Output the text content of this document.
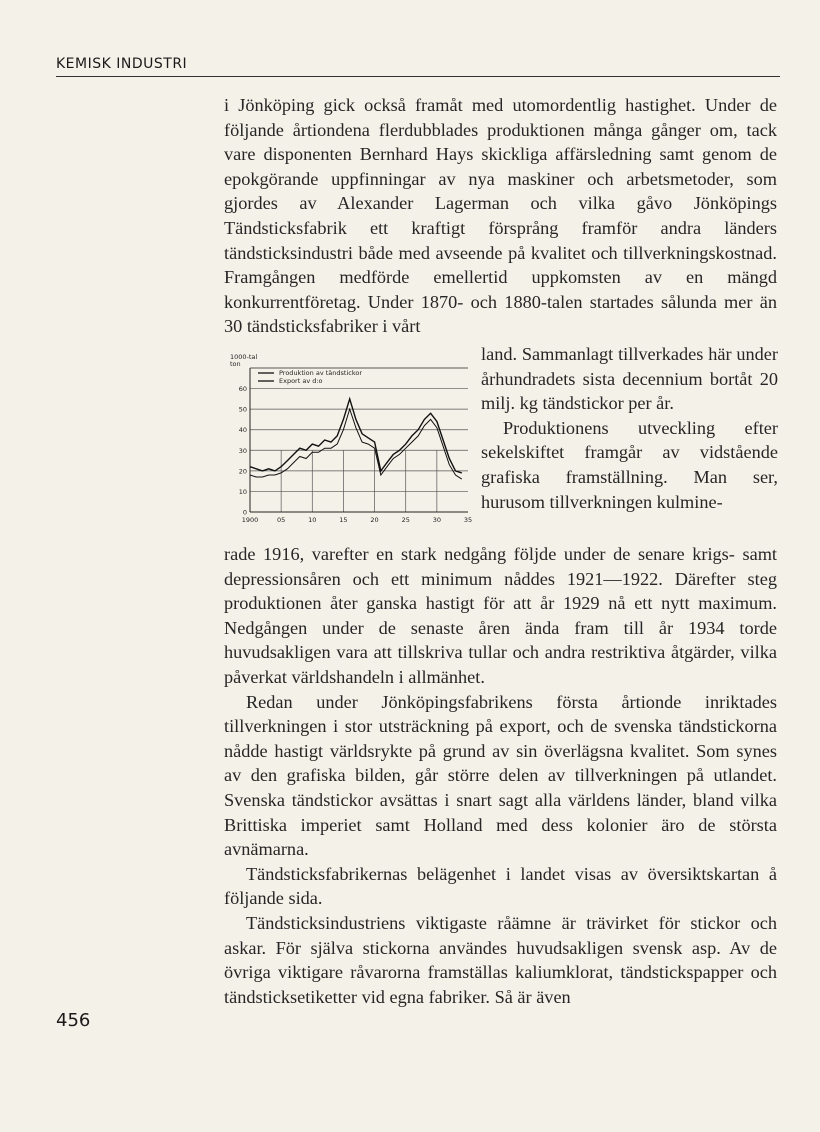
KEMISK INDUSTRI

i Jönköping gick också framåt med utomordentlig hastighet. Under de följande årtiondena flerdubblades produktionen många gånger om, tack vare disponenten Bernhard Hays skickliga affärsledning samt genom de epokgörande uppfinningar av nya maskiner och arbetsmetoder, som gjordes av Alexander Lagerman och vilka gåvo Jönköpings Tändsticksfabrik ett kraftigt försprång framför andra länders tändsticksindustri både med avseende på kvalitet och tillverkningskostnad. Framgången medförde emellertid uppkomsten av en mängd konkurrentföretag. Under 1870- och 1880-talen startades sålunda mer än 30 tändsticksfabriker i vårt

1000-tal ton
0
10
20
30
40
50
60
1900	05	10	15	20	25	30	35
Produktion av tändstickor
Export av d:o

land. Sammanlagt tillverkades här under århundradets sista decennium bortåt 20 milj. kg tändstickor per år.

Produktionens utveckling efter sekelskiftet framgår av vidstående grafiska framställning. Man ser, hurusom tillverkningen kulmine-

rade 1916, varefter en stark nedgång följde under de senare krigs- samt depressionsåren och ett minimum nåddes 1921—1922. Därefter steg produktionen åter ganska hastigt för att år 1929 nå ett nytt maximum. Nedgången under de senaste åren ända fram till år 1934 torde huvudsakligen vara att tillskriva tullar och andra restriktiva åtgärder, vilka påverkat världshandeln i allmänhet.

Redan under Jönköpingsfabrikens första årtionde inriktades tillverkningen i stor utsträckning på export, och de svenska tändstickorna nådde hastigt världsrykte på grund av sin överlägsna kvalitet. Som synes av den grafiska bilden, går större delen av tillverkningen på utlandet. Svenska tändstickor avsättas i snart sagt alla världens länder, bland vilka Brittiska imperiet samt Holland med dess kolonier äro de största avnämarna.

Tändsticksfabrikernas belägenhet i landet visas av översiktskartan å följande sida.

Tändsticksindustriens viktigaste råämne är trävirket för stickor och askar. För själva stickorna användes huvudsakligen svensk asp. Av de övriga viktigare råvarorna framställas kaliumklorat, tändstickspapper och tändsticksetiketter vid egna fabriker. Så är även

456
